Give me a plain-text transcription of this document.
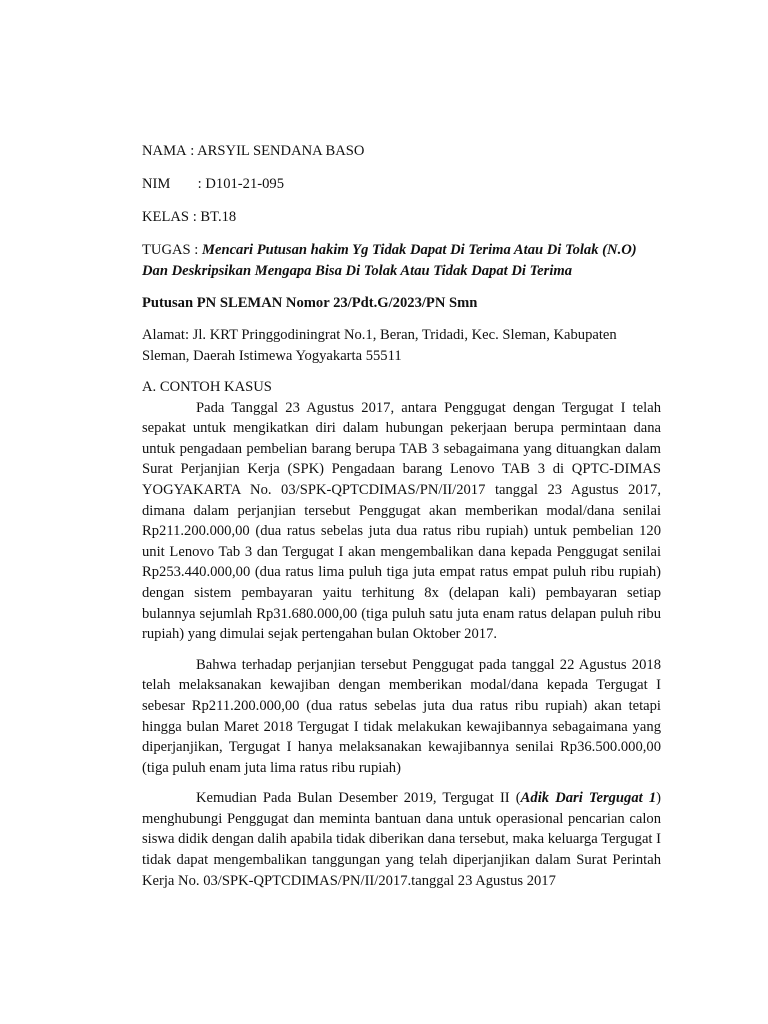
NAMA : ARSYIL SENDANA BASO
NIM : D101-21-095
KELAS : BT.18

TUGAS : Mencari Putusan hakim Yg Tidak Dapat Di Terima Atau Di Tolak (N.O) Dan Deskripsikan Mengapa Bisa Di Tolak Atau Tidak Dapat Di Terima

Putusan PN SLEMAN Nomor 23/Pdt.G/2023/PN Smn

Alamat: Jl. KRT Pringgodiningrat No.1, Beran, Tridadi, Kec. Sleman, Kabupaten Sleman, Daerah Istimewa Yogyakarta 55511

A. CONTOH KASUS

Pada Tanggal 23 Agustus 2017, antara Penggugat dengan Tergugat I telah sepakat untuk mengikatkan diri dalam hubungan pekerjaan berupa permintaan dana untuk pengadaan pembelian barang berupa TAB 3 sebagaimana yang dituangkan dalam Surat Perjanjian Kerja (SPK) Pengadaan barang Lenovo TAB 3 di QPTC-DIMAS YOGYAKARTA No. 03/SPK-QPTCDIMAS/PN/II/2017 tanggal 23 Agustus 2017, dimana dalam perjanjian tersebut Penggugat akan memberikan modal/dana senilai Rp211.200.000,00 (dua ratus sebelas juta dua ratus ribu rupiah) untuk pembelian 120 unit Lenovo Tab 3 dan Tergugat I akan mengembalikan dana kepada Penggugat senilai Rp253.440.000,00 (dua ratus lima puluh tiga juta empat ratus empat puluh ribu rupiah) dengan sistem pembayaran yaitu terhitung 8x (delapan kali) pembayaran setiap bulannya sejumlah Rp31.680.000,00 (tiga puluh satu juta enam ratus delapan puluh ribu rupiah) yang dimulai sejak pertengahan bulan Oktober 2017.

Bahwa terhadap perjanjian tersebut Penggugat pada tanggal 22 Agustus 2018 telah melaksanakan kewajiban dengan memberikan modal/dana kepada Tergugat I sebesar Rp211.200.000,00 (dua ratus sebelas juta dua ratus ribu rupiah) akan tetapi hingga bulan Maret 2018 Tergugat I tidak melakukan kewajibannya sebagaimana yang diperjanjikan, Tergugat I hanya melaksanakan kewajibannya senilai Rp36.500.000,00 (tiga puluh enam juta lima ratus ribu rupiah)

Kemudian Pada Bulan Desember 2019, Tergugat II (Adik Dari Tergugat 1) menghubungi Penggugat dan meminta bantuan dana untuk operasional pencarian calon siswa didik dengan dalih apabila tidak diberikan dana tersebut, maka keluarga Tergugat I tidak dapat mengembalikan tanggungan yang telah diperjanjikan dalam Surat Perintah Kerja No. 03/SPK-QPTCDIMAS/PN/II/2017.tanggal 23 Agustus 2017
